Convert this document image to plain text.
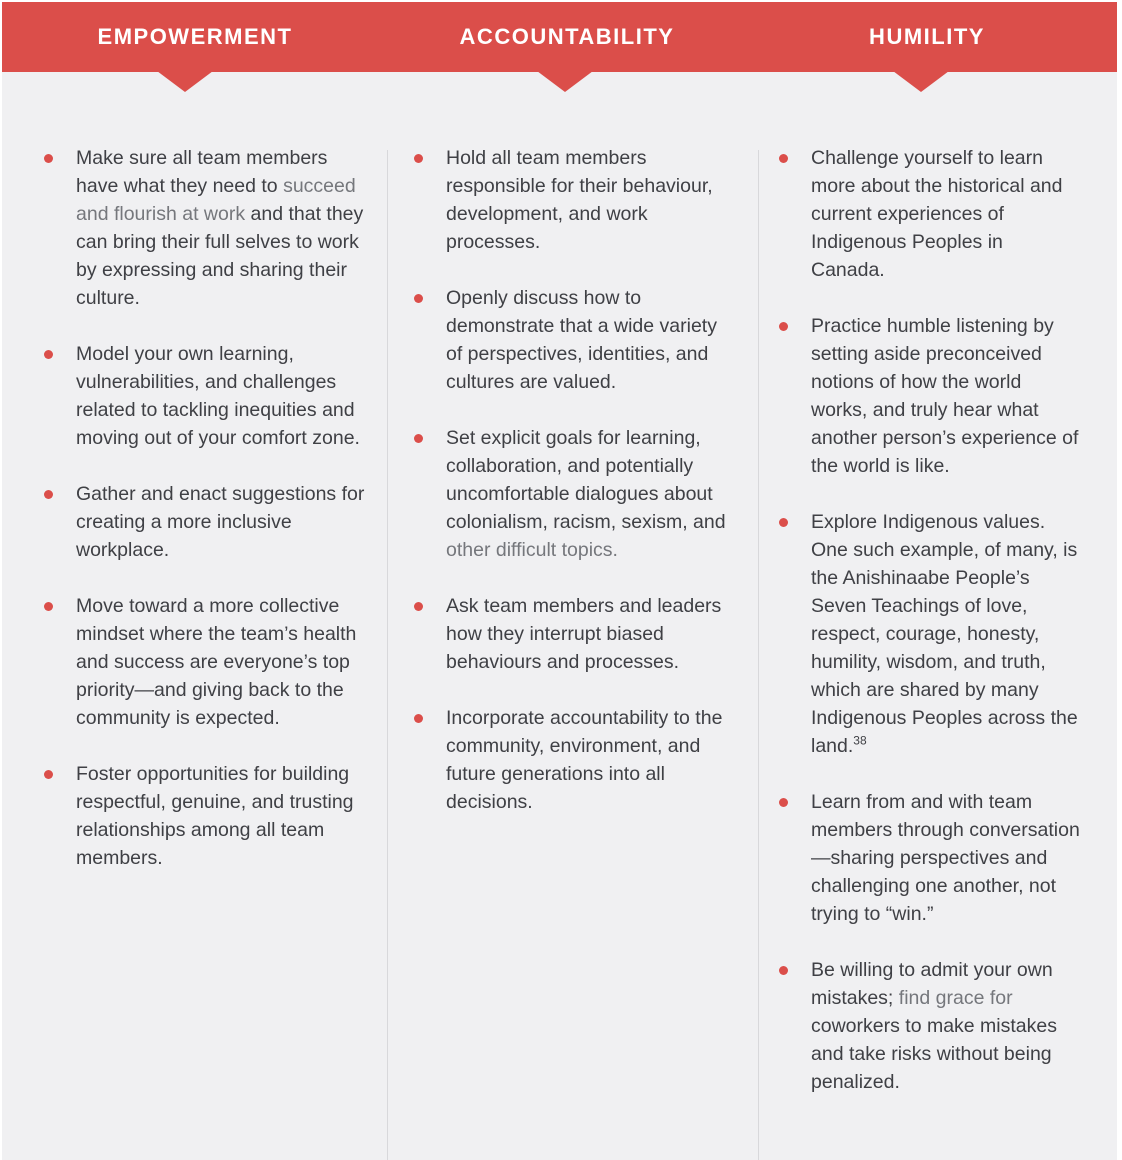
EMPOWERMENT	ACCOUNTABILITY	HUMILITY
Make sure all team members have what they need to succeed and flourish at work and that they can bring their full selves to work by expressing and sharing their culture.
Model your own learning, vulnerabilities, and challenges related to tackling inequities and moving out of your comfort zone.
Gather and enact suggestions for creating a more inclusive workplace.
Move toward a more collective mindset where the team’s health and success are everyone’s top priority—and giving back to the community is expected.
Foster opportunities for building respectful, genuine, and trusting relationships among all team members.
Hold all team members responsible for their behaviour, development, and work processes.
Openly discuss how to demonstrate that a wide variety of perspectives, identities, and cultures are valued.
Set explicit goals for learning, collaboration, and potentially uncomfortable dialogues about colonialism, racism, sexism, and other difficult topics.
Ask team members and leaders how they interrupt biased behaviours and processes.
Incorporate accountability to the community, environment, and future generations into all decisions.
Challenge yourself to learn more about the historical and current experiences of Indigenous Peoples in Canada.
Practice humble listening by setting aside preconceived notions of how the world works, and truly hear what another person’s experience of the world is like.
Explore Indigenous values. One such example, of many, is the Anishinaabe People’s Seven Teachings of love, respect, courage, honesty, humility, wisdom, and truth, which are shared by many Indigenous Peoples across the land.$^{38}$
Learn from and with team members through conversation—sharing perspectives and challenging one another, not trying to “win.”
Be willing to admit your own mistakes; find grace for coworkers to make mistakes and take risks without being penalized.
